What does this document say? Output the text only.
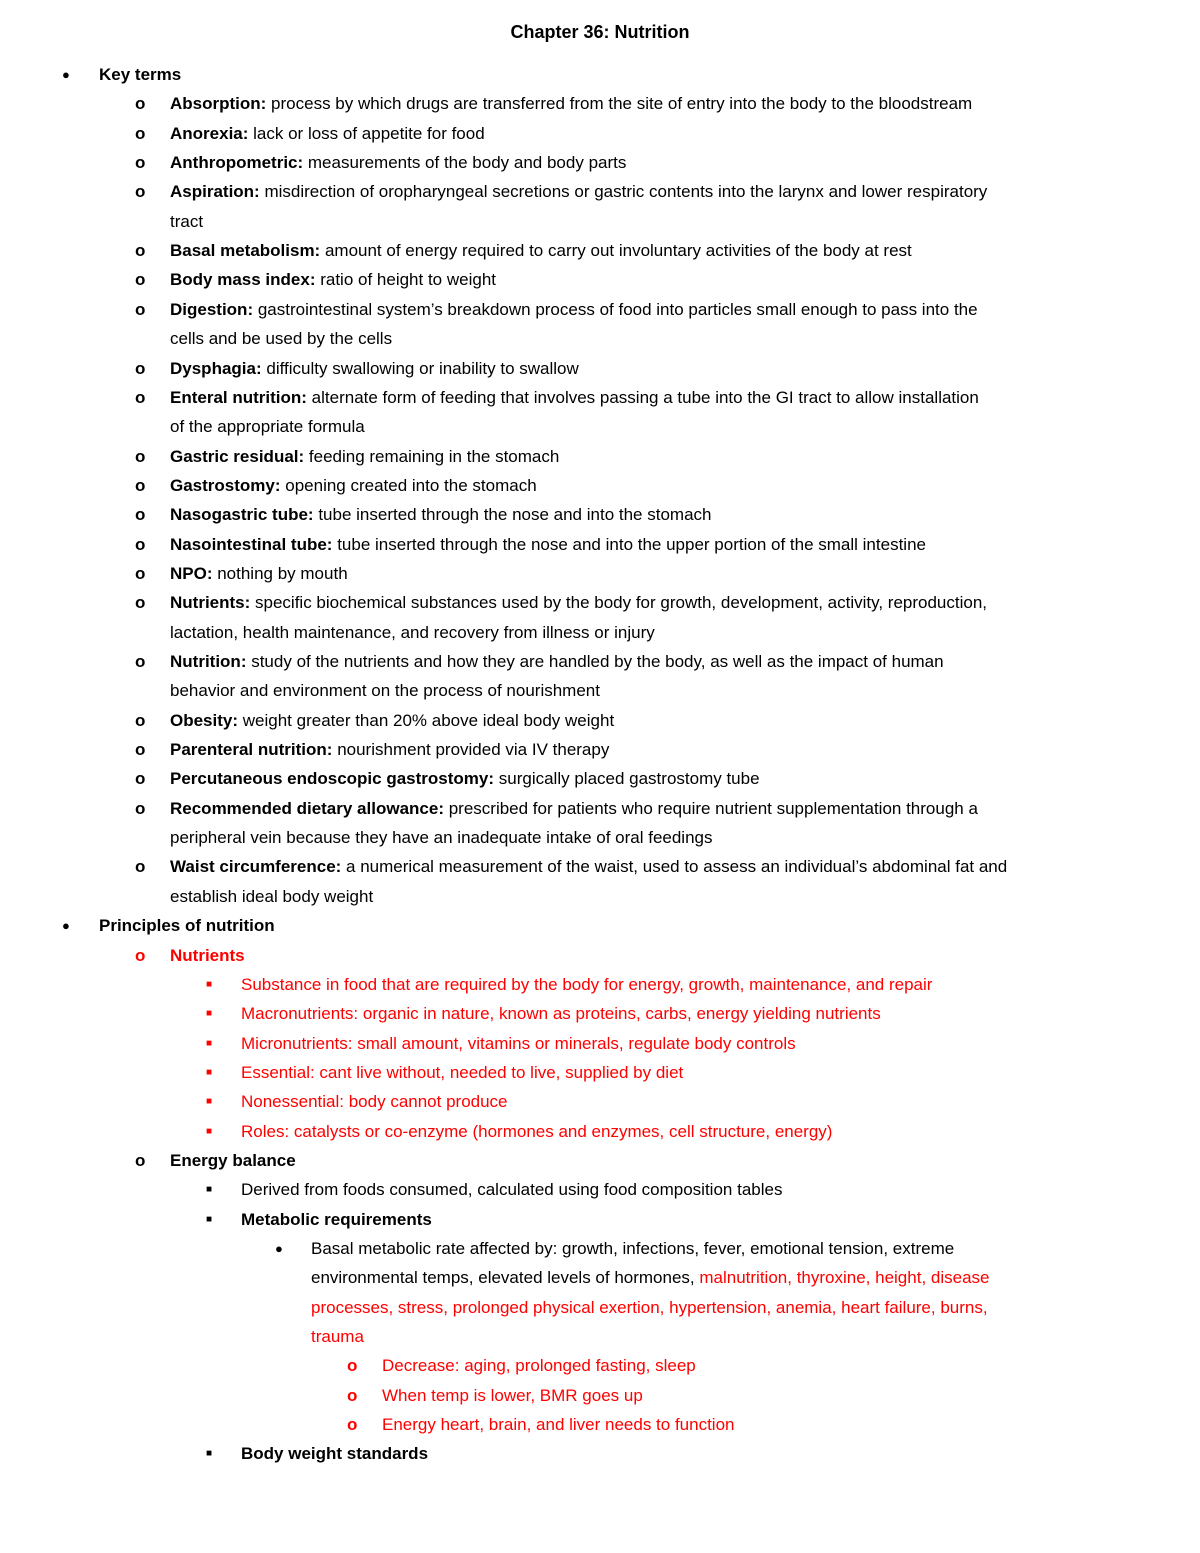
Chapter 36: Nutrition
● Key terms
o Absorption: process by which drugs are transferred from the site of entry into the body to the bloodstream
o Anorexia: lack or loss of appetite for food
o Anthropometric: measurements of the body and body parts
o Aspiration: misdirection of oropharyngeal secretions or gastric contents into the larynx and lower respiratory
tract
o Basal metabolism: amount of energy required to carry out involuntary activities of the body at rest
o Body mass index: ratio of height to weight
o Digestion: gastrointestinal system’s breakdown process of food into particles small enough to pass into the
cells and be used by the cells
o Dysphagia: difficulty swallowing or inability to swallow
o Enteral nutrition: alternate form of feeding that involves passing a tube into the GI tract to allow installation
of the appropriate formula
o Gastric residual: feeding remaining in the stomach
o Gastrostomy: opening created into the stomach
o Nasogastric tube: tube inserted through the nose and into the stomach
o Nasointestinal tube: tube inserted through the nose and into the upper portion of the small intestine
o NPO: nothing by mouth
o Nutrients: specific biochemical substances used by the body for growth, development, activity, reproduction,
lactation, health maintenance, and recovery from illness or injury
o Nutrition: study of the nutrients and how they are handled by the body, as well as the impact of human
behavior and environment on the process of nourishment
o Obesity: weight greater than 20% above ideal body weight
o Parenteral nutrition: nourishment provided via IV therapy
o Percutaneous endoscopic gastrostomy: surgically placed gastrostomy tube
o Recommended dietary allowance: prescribed for patients who require nutrient supplementation through a
peripheral vein because they have an inadequate intake of oral feedings
o Waist circumference: a numerical measurement of the waist, used to assess an individual’s abdominal fat and
establish ideal body weight
● Principles of nutrition
o Nutrients
■ Substance in food that are required by the body for energy, growth, maintenance, and repair
■ Macronutrients: organic in nature, known as proteins, carbs, energy yielding nutrients
■ Micronutrients: small amount, vitamins or minerals, regulate body controls
■ Essential: cant live without, needed to live, supplied by diet
■ Nonessential: body cannot produce
■ Roles: catalysts or co-enzyme (hormones and enzymes, cell structure, energy)
o Energy balance
■ Derived from foods consumed, calculated using food composition tables
■ Metabolic requirements
● Basal metabolic rate affected by: growth, infections, fever, emotional tension, extreme
environmental temps, elevated levels of hormones, malnutrition, thyroxine, height, disease
processes, stress, prolonged physical exertion, hypertension, anemia, heart failure, burns,
trauma
o Decrease: aging, prolonged fasting, sleep
o When temp is lower, BMR goes up
o Energy heart, brain, and liver needs to function
■ Body weight standards
